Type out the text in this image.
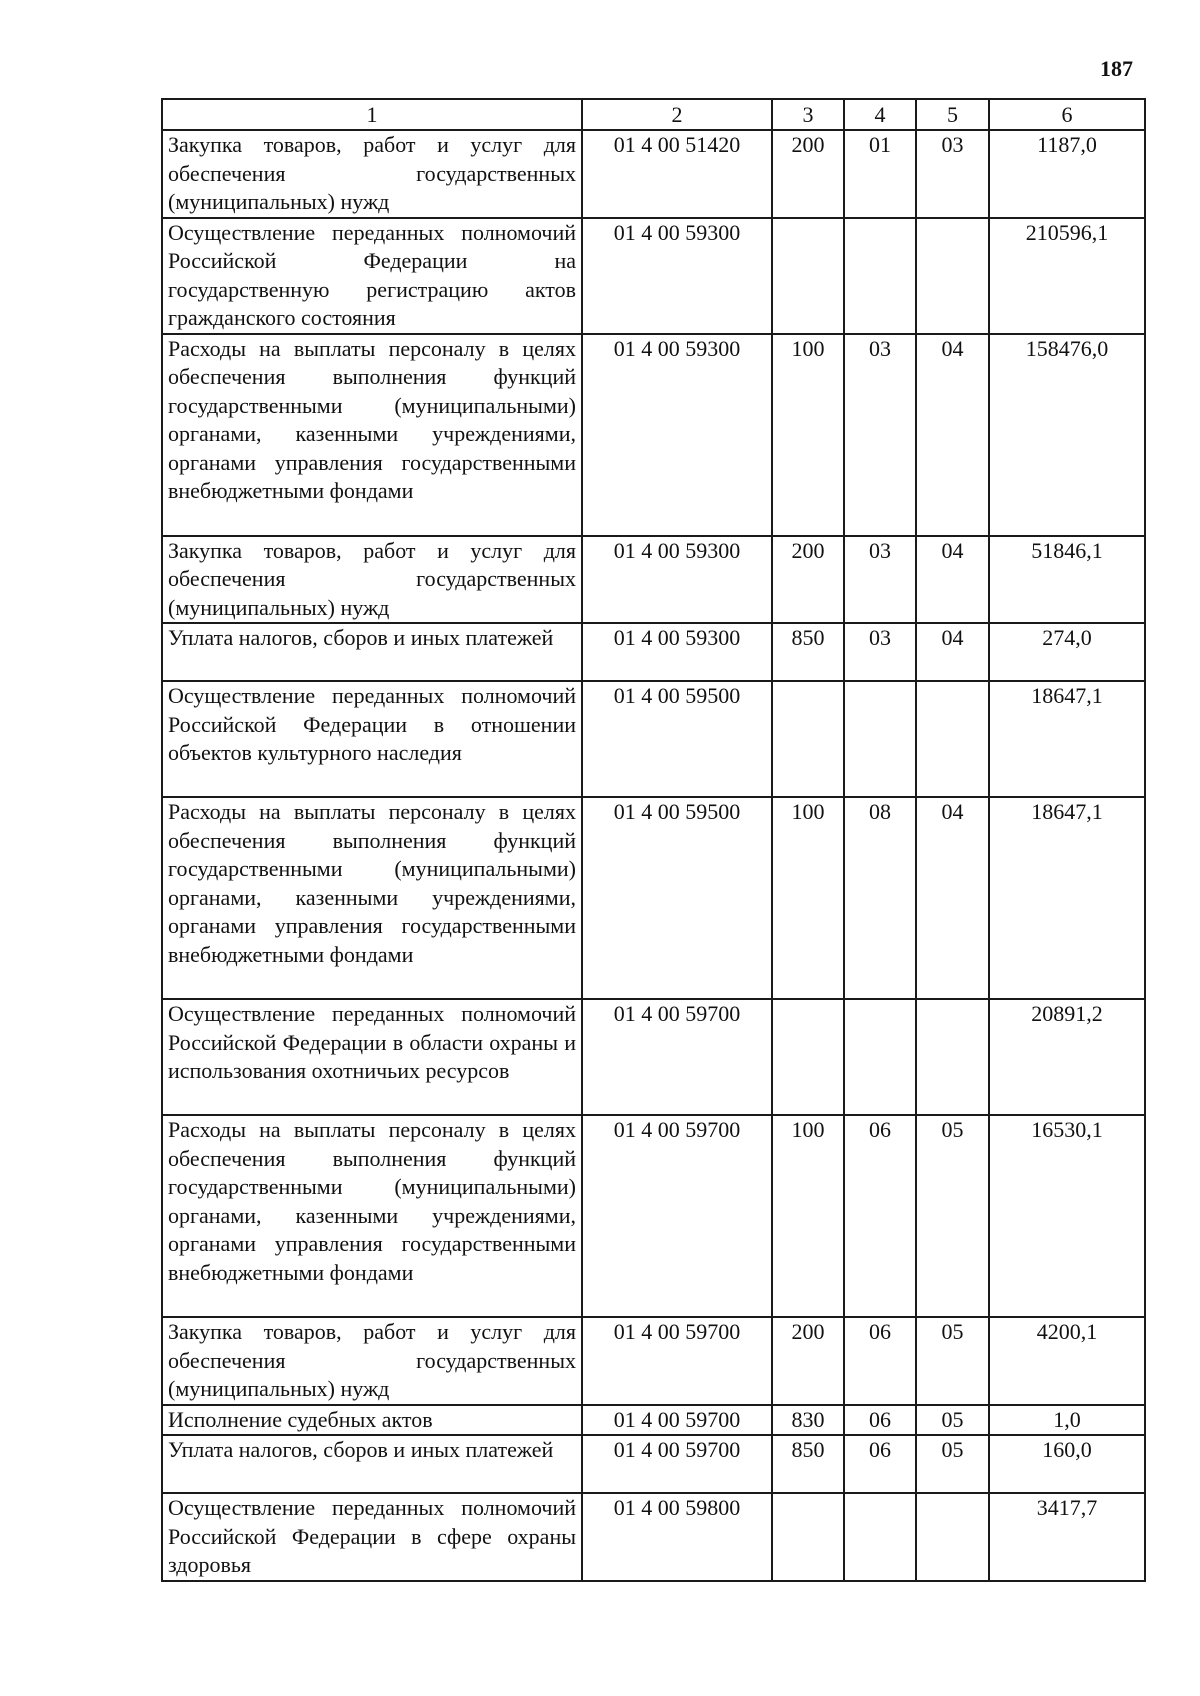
187
1	2	3	4	5	6
Закупка товаров, работ и услуг для обеспечения государственных (муниципальных) нужд	01 4 00 51420	200	01	03	1187,0
Осуществление переданных полномочий Российской Федерации на государственную регистрацию актов гражданского состояния	01 4 00 59300				210596,1
Расходы на выплаты персоналу в целях обеспечения выполнения функций государственными (муниципальными) органами, казенными учреждениями, органами управления государственными внебюджетными фондами	01 4 00 59300	100	03	04	158476,0
Закупка товаров, работ и услуг для обеспечения государственных (муниципальных) нужд	01 4 00 59300	200	03	04	51846,1
Уплата налогов, сборов и иных платежей	01 4 00 59300	850	03	04	274,0
Осуществление переданных полномочий Российской Федерации в отношении объектов культурного наследия	01 4 00 59500				18647,1
Расходы на выплаты персоналу в целях обеспечения выполнения функций государственными (муниципальными) органами, казенными учреждениями, органами управления государственными внебюджетными фондами	01 4 00 59500	100	08	04	18647,1
Осуществление переданных полномочий Российской Федерации в области охраны и использования охотничьих ресурсов	01 4 00 59700				20891,2
Расходы на выплаты персоналу в целях обеспечения выполнения функций государственными (муниципальными) органами, казенными учреждениями, органами управления государственными внебюджетными фондами	01 4 00 59700	100	06	05	16530,1
Закупка товаров, работ и услуг для обеспечения государственных (муниципальных) нужд	01 4 00 59700	200	06	05	4200,1
Исполнение судебных актов	01 4 00 59700	830	06	05	1,0
Уплата налогов, сборов и иных платежей	01 4 00 59700	850	06	05	160,0
Осуществление переданных полномочий Российской Федерации в сфере охраны здоровья	01 4 00 59800				3417,7
